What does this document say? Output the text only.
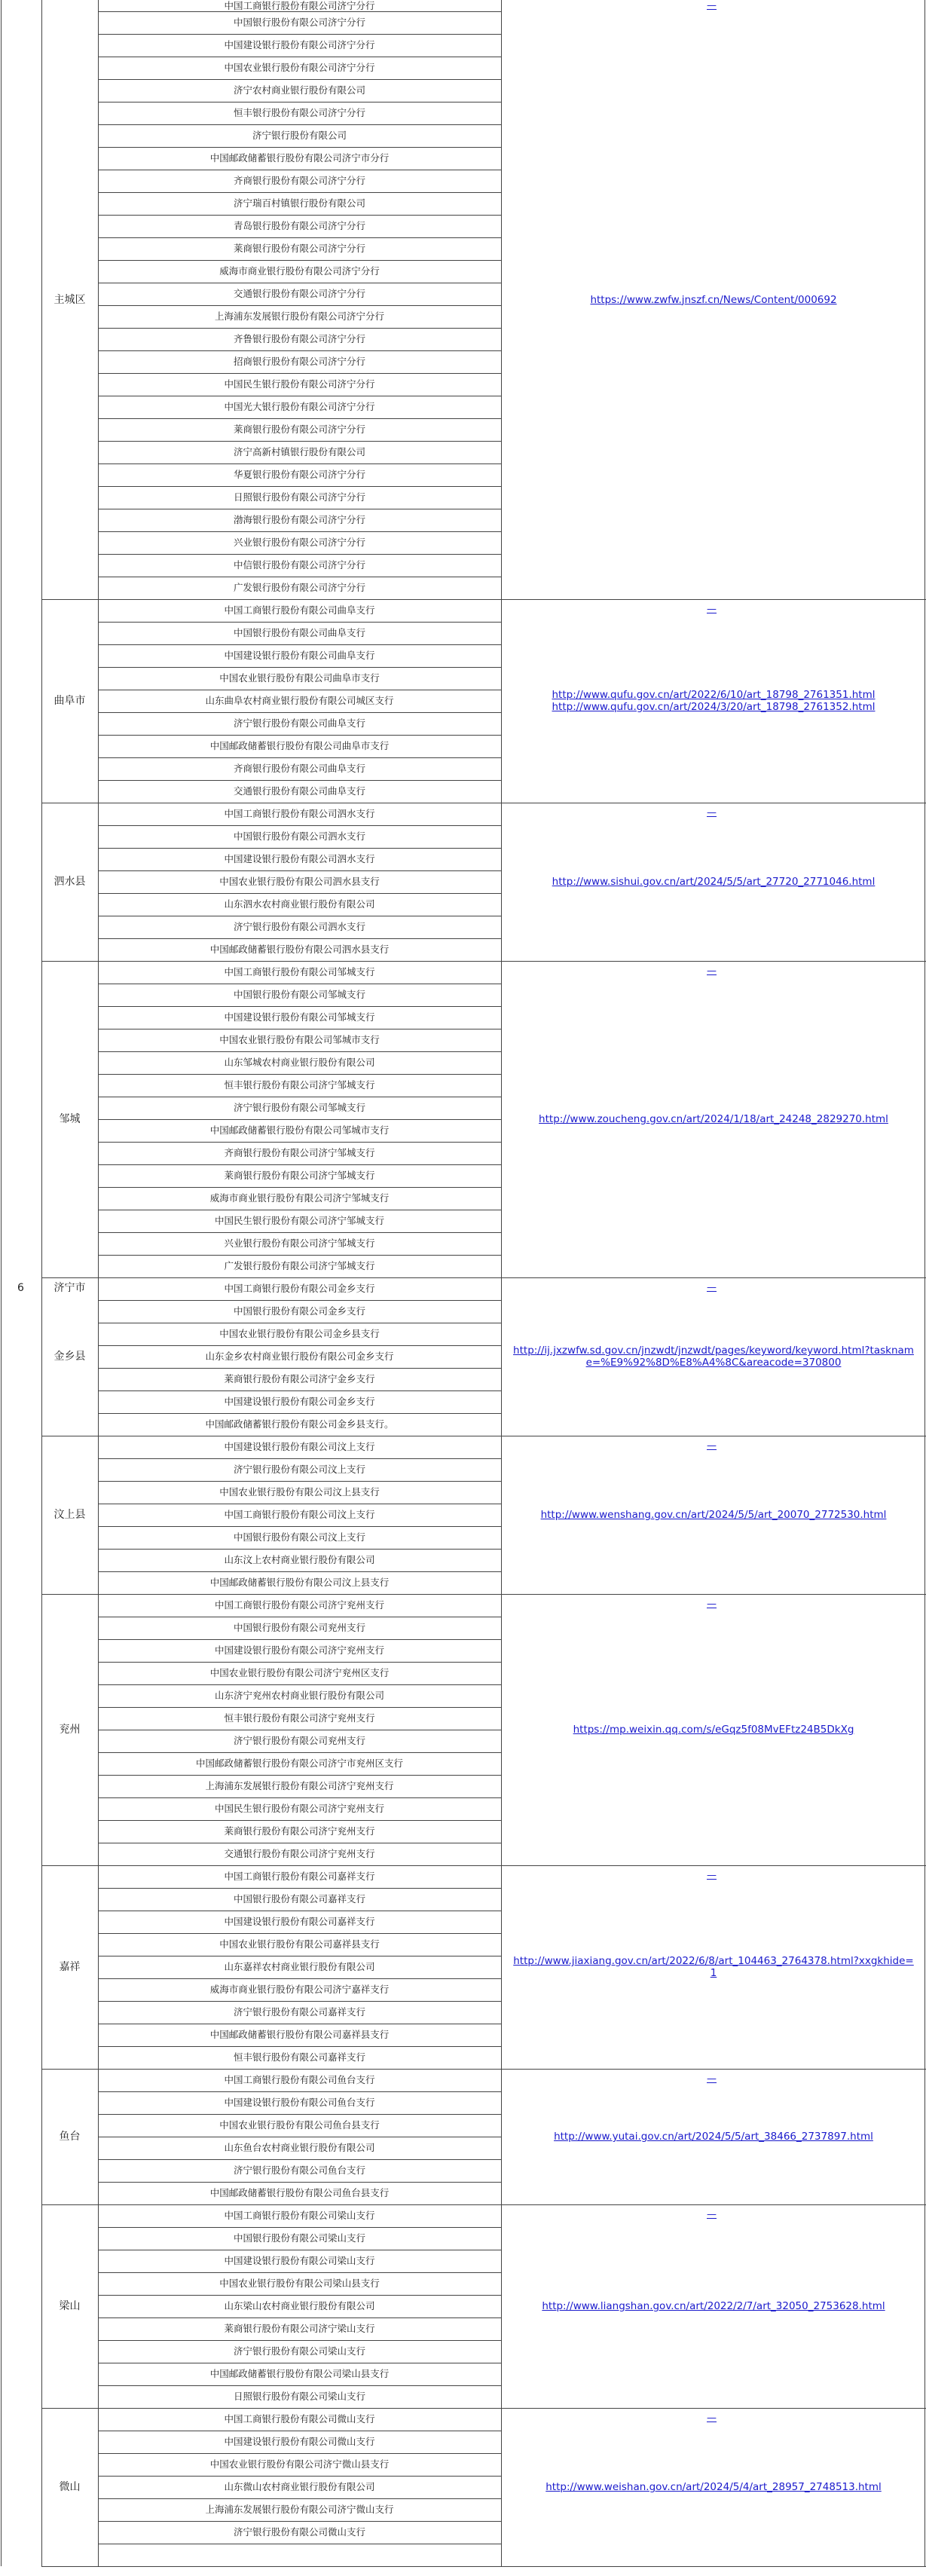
6	济宁市
主城区
中国工商银行股份有限公司济宁分行
中国银行股份有限公司济宁分行
中国建设银行股份有限公司济宁分行
中国农业银行股份有限公司济宁分行
济宁农村商业银行股份有限公司
恒丰银行股份有限公司济宁分行
济宁银行股份有限公司
中国邮政储蓄银行股份有限公司济宁市分行
齐商银行股份有限公司济宁分行
济宁瑞百村镇银行股份有限公司
青岛银行股份有限公司济宁分行
莱商银行股份有限公司济宁分行
威海市商业银行股份有限公司济宁分行
交通银行股份有限公司济宁分行
上海浦东发展银行股份有限公司济宁分行
齐鲁银行股份有限公司济宁分行
招商银行股份有限公司济宁分行
中国民生银行股份有限公司济宁分行
中国光大银行股份有限公司济宁分行
莱商银行股份有限公司济宁分行
济宁高新村镇银行股份有限公司
华夏银行股份有限公司济宁分行
日照银行股份有限公司济宁分行
渤海银行股份有限公司济宁分行
兴业银行股份有限公司济宁分行
中信银行股份有限公司济宁分行
广发银行股份有限公司济宁分行
—
https://www.zwfw.jnszf.cn/News/Content/000692
曲阜市
中国工商银行股份有限公司曲阜支行
中国银行股份有限公司曲阜支行
中国建设银行股份有限公司曲阜支行
中国农业银行股份有限公司曲阜市支行
山东曲阜农村商业银行股份有限公司城区支行
济宁银行股份有限公司曲阜支行
中国邮政储蓄银行股份有限公司曲阜市支行
齐商银行股份有限公司曲阜支行
交通银行股份有限公司曲阜支行
—
http://www.qufu.gov.cn/art/2022/6/10/art_18798_2761351.html
http://www.qufu.gov.cn/art/2024/3/20/art_18798_2761352.html
泗水县
中国工商银行股份有限公司泗水支行
中国银行股份有限公司泗水支行
中国建设银行股份有限公司泗水支行
中国农业银行股份有限公司泗水县支行
山东泗水农村商业银行股份有限公司
济宁银行股份有限公司泗水支行
中国邮政储蓄银行股份有限公司泗水县支行
—
http://www.sishui.gov.cn/art/2024/5/5/art_27720_2771046.html
邹城
中国工商银行股份有限公司邹城支行
中国银行股份有限公司邹城支行
中国建设银行股份有限公司邹城支行
中国农业银行股份有限公司邹城市支行
山东邹城农村商业银行股份有限公司
恒丰银行股份有限公司济宁邹城支行
济宁银行股份有限公司邹城支行
中国邮政储蓄银行股份有限公司邹城市支行
齐商银行股份有限公司济宁邹城支行
莱商银行股份有限公司济宁邹城支行
威海市商业银行股份有限公司济宁邹城支行
中国民生银行股份有限公司济宁邹城支行
兴业银行股份有限公司济宁邹城支行
广发银行股份有限公司济宁邹城支行
—
http://www.zoucheng.gov.cn/art/2024/1/18/art_24248_2829270.html
金乡县
中国工商银行股份有限公司金乡支行
中国银行股份有限公司金乡支行
中国农业银行股份有限公司金乡县支行
山东金乡农村商业银行股份有限公司金乡支行
莱商银行股份有限公司济宁金乡支行
中国建设银行股份有限公司金乡支行
中国邮政储蓄银行股份有限公司金乡县支行。
—
http://ij.jxzwfw.sd.gov.cn/jnzwdt/jnzwdt/pages/keyword/keyword.html?taskname=%E9%92%8D%E8%A4%8C&areacode=370800
汶上县
中国建设银行股份有限公司汶上支行
济宁银行股份有限公司汶上支行
中国农业银行股份有限公司汶上县支行
中国工商银行股份有限公司汶上支行
中国银行股份有限公司汶上支行
山东汶上农村商业银行股份有限公司
中国邮政储蓄银行股份有限公司汶上县支行
—
http://www.wenshang.gov.cn/art/2024/5/5/art_20070_2772530.html
兖州
中国工商银行股份有限公司济宁兖州支行
中国银行股份有限公司兖州支行
中国建设银行股份有限公司济宁兖州支行
中国农业银行股份有限公司济宁兖州区支行
山东济宁兖州农村商业银行股份有限公司
恒丰银行股份有限公司济宁兖州支行
济宁银行股份有限公司兖州支行
中国邮政储蓄银行股份有限公司济宁市兖州区支行
上海浦东发展银行股份有限公司济宁兖州支行
中国民生银行股份有限公司济宁兖州支行
莱商银行股份有限公司济宁兖州支行
交通银行股份有限公司济宁兖州支行
—
https://mp.weixin.qq.com/s/eGqz5f08MvEFtz24B5DkXg
嘉祥
中国工商银行股份有限公司嘉祥支行
中国银行股份有限公司嘉祥支行
中国建设银行股份有限公司嘉祥支行
中国农业银行股份有限公司嘉祥县支行
山东嘉祥农村商业银行股份有限公司
威海市商业银行股份有限公司济宁嘉祥支行
济宁银行股份有限公司嘉祥支行
中国邮政储蓄银行股份有限公司嘉祥县支行
恒丰银行股份有限公司嘉祥支行
—
http://www.jiaxiang.gov.cn/art/2022/6/8/art_104463_2764378.html?xxgkhide=1
鱼台
中国工商银行股份有限公司鱼台支行
中国建设银行股份有限公司鱼台支行
中国农业银行股份有限公司鱼台县支行
山东鱼台农村商业银行股份有限公司
济宁银行股份有限公司鱼台支行
中国邮政储蓄银行股份有限公司鱼台县支行
—
http://www.yutai.gov.cn/art/2024/5/5/art_38466_2737897.html
梁山
中国工商银行股份有限公司梁山支行
中国银行股份有限公司梁山支行
中国建设银行股份有限公司梁山支行
中国农业银行股份有限公司梁山县支行
山东梁山农村商业银行股份有限公司
莱商银行股份有限公司济宁梁山支行
济宁银行股份有限公司梁山支行
中国邮政储蓄银行股份有限公司梁山县支行
日照银行股份有限公司梁山支行
—
http://www.liangshan.gov.cn/art/2022/2/7/art_32050_2753628.html
微山
中国工商银行股份有限公司微山支行
中国建设银行股份有限公司微山支行
中国农业银行股份有限公司济宁微山县支行
山东微山农村商业银行股份有限公司
上海浦东发展银行股份有限公司济宁微山支行
济宁银行股份有限公司微山支行
—
http://www.weishan.gov.cn/art/2024/5/4/art_28957_2748513.html
